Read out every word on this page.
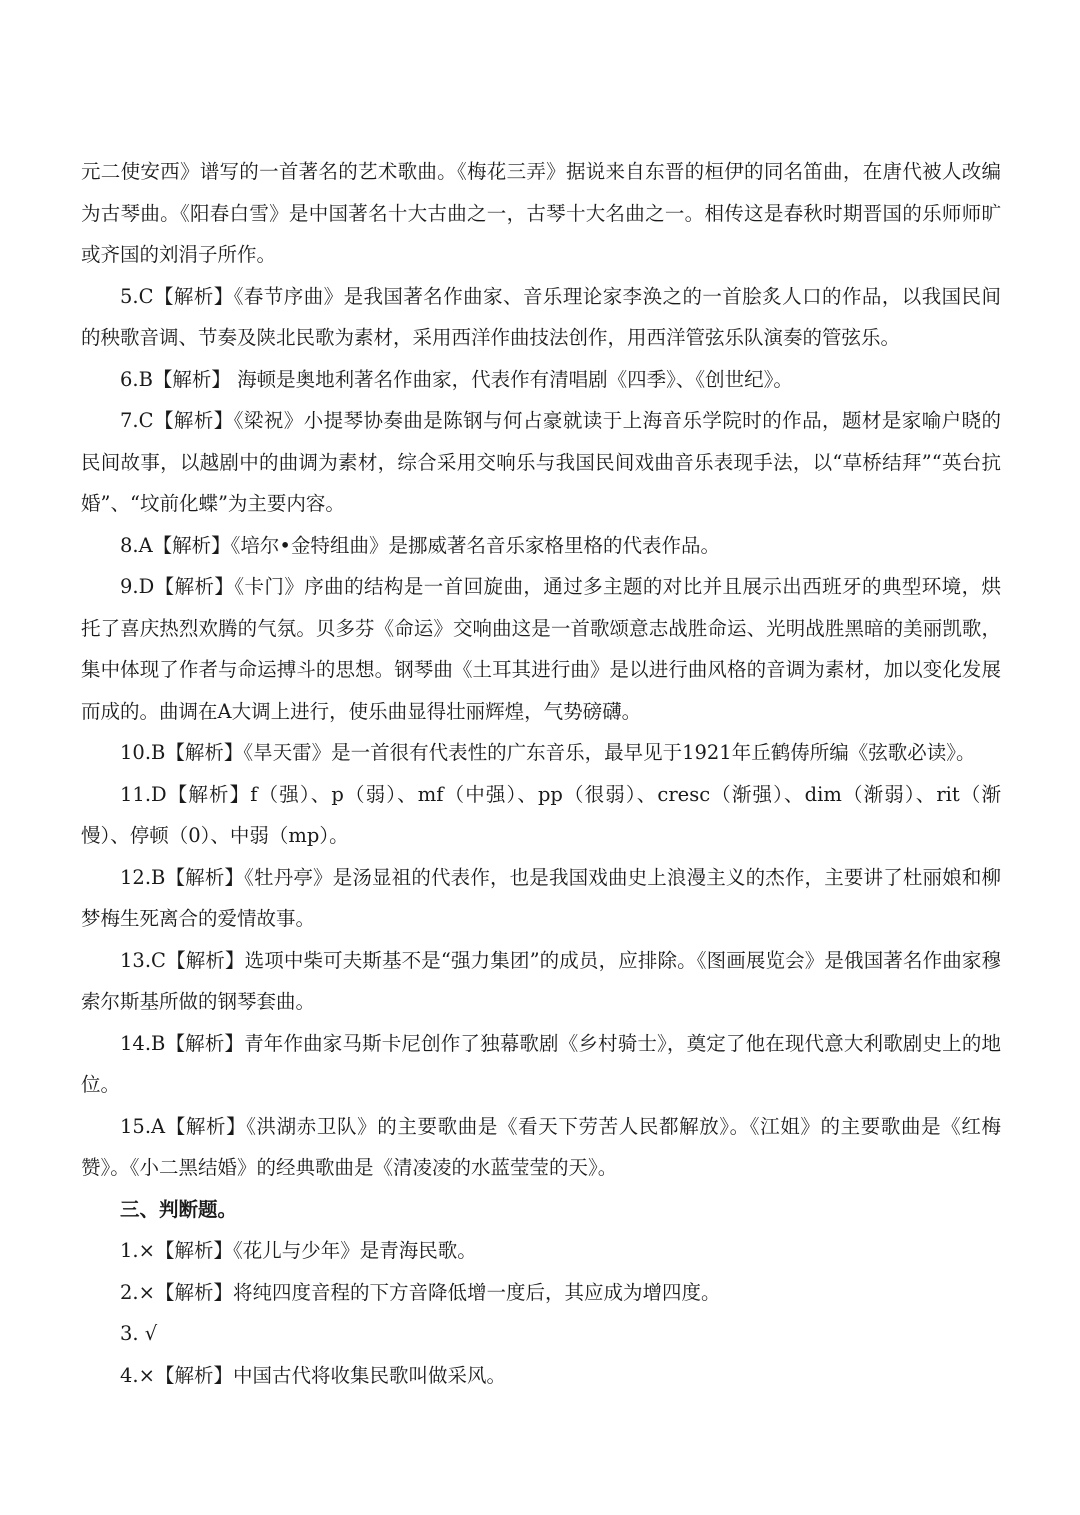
元二使安西》谱写的一首著名的艺术歌曲。《梅花三弄》据说来自东晋的桓伊的同名笛曲，在唐代被人改编为古琴曲。《阳春白雪》是中国著名十大古曲之一，古琴十大名曲之一。相传这是春秋时期晋国的乐师师旷或齐国的刘涓子所作。

5.C【解析】《春节序曲》是我国著名作曲家、音乐理论家李涣之的一首脍炙人口的作品，以我国民间的秧歌音调、节奏及陕北民歌为素材，采用西洋作曲技法创作，用西洋管弦乐队演奏的管弦乐。

6.B【解析】 海顿是奥地利著名作曲家，代表作有清唱剧《四季》、《创世纪》。

7.C【解析】《梁祝》小提琴协奏曲是陈钢与何占豪就读于上海音乐学院时的作品，题材是家喻户晓的民间故事，以越剧中的曲调为素材，综合采用交响乐与我国民间戏曲音乐表现手法，以“草桥结拜”“英台抗婚”、“坟前化蝶”为主要内容。

8.A【解析】《培尔•金特组曲》是挪威著名音乐家格里格的代表作品。

9.D【解析】《卡门》序曲的结构是一首回旋曲，通过多主题的对比并且展示出西班牙的典型环境，烘托了喜庆热烈欢腾的气氛。贝多芬《命运》交响曲这是一首歌颂意志战胜命运、光明战胜黑暗的美丽凯歌，集中体现了作者与命运搏斗的思想。钢琴曲《土耳其进行曲》是以进行曲风格的音调为素材，加以变化发展而成的。曲调在A大调上进行，使乐曲显得壮丽辉煌，气势磅礴。

10.B【解析】《旱天雷》是一首很有代表性的广东音乐，最早见于1921年丘鹤俦所编《弦歌必读》。

11.D【解析】f（强）、p（弱）、mf（中强）、pp（很弱）、cresc（渐强）、dim（渐弱）、rit（渐慢）、停顿（0）、中弱（mp）。

12.B【解析】《牡丹亭》是汤显祖的代表作，也是我国戏曲史上浪漫主义的杰作，主要讲了杜丽娘和柳梦梅生死离合的爱情故事。

13.C【解析】选项中柴可夫斯基不是“强力集团”的成员，应排除。《图画展览会》是俄国著名作曲家穆索尔斯基所做的钢琴套曲。

14.B【解析】青年作曲家马斯卡尼创作了独幕歌剧《乡村骑士》，奠定了他在现代意大利歌剧史上的地位。

15.A【解析】《洪湖赤卫队》的主要歌曲是《看天下劳苦人民都解放》。《江姐》的主要歌曲是《红梅赞》。《小二黑结婚》的经典歌曲是《清凌凌的水蓝莹莹的天》。

三、判断题。

1.×【解析】《花儿与少年》是青海民歌。

2.×【解析】将纯四度音程的下方音降低增一度后，其应成为增四度。

3. √

4.×【解析】中国古代将收集民歌叫做采风。
